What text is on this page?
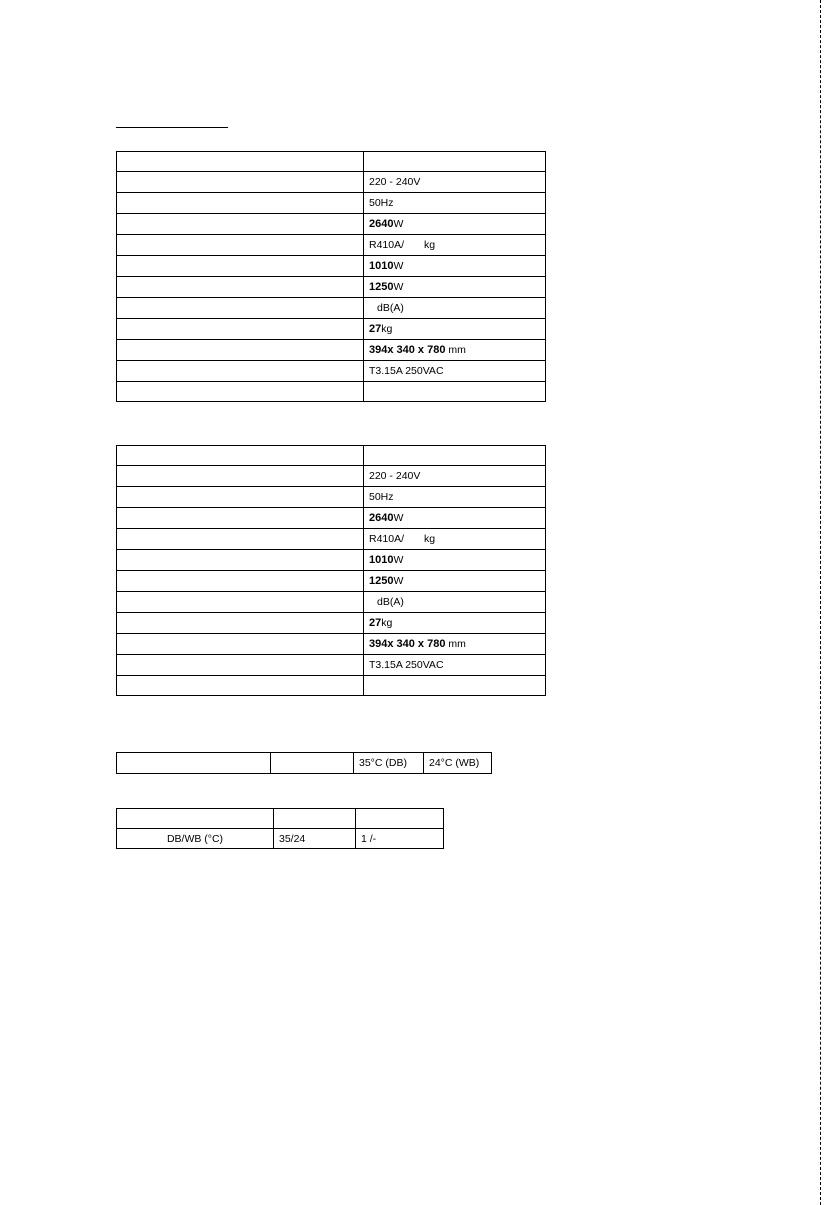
	220 - 240V
	50Hz
	2640W
	R410A/ kg
	1010W
	1250W
	dB(A)
	27kg
	394x 340 x 780 mm
	T3.15A 250VAC

	220 - 240V
	50Hz
	2640W
	R410A/ kg
	1010W
	1250W
	dB(A)
	27kg
	394x 340 x 780 mm
	T3.15A 250VAC

		35°C (DB)	24°C (WB)

DB/WB (°C)	35/24	1 /-
